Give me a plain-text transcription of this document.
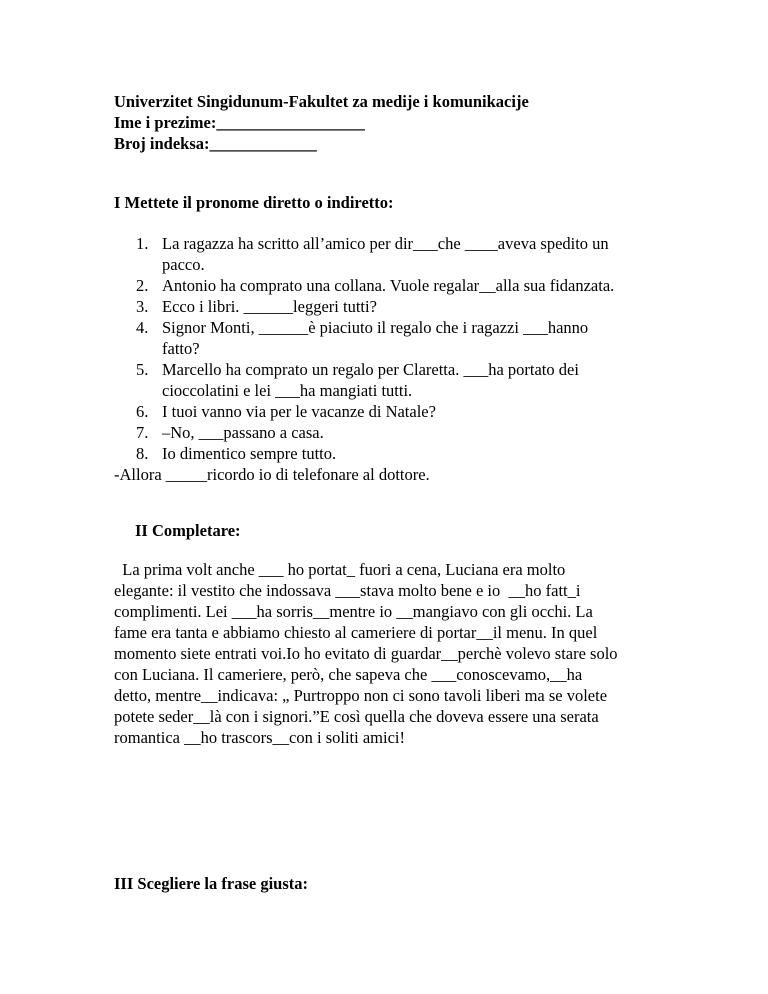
Univerzitet Singidunum-Fakultet za medije i komunikacije
Ime i prezime:__________________
Broj indeksa:_____________
I Mettete il pronome diretto o indiretto:
1. La ragazza ha scritto all’amico per dir___che ____aveva spedito un
pacco.
2. Antonio ha comprato una collana. Vuole regalar__alla sua fidanzata.
3. Ecco i libri. ______leggeri tutti?
4. Signor Monti, ______è piaciuto il regalo che i ragazzi ___hanno
fatto?
5. Marcello ha comprato un regalo per Claretta. ___ha portato dei
cioccolatini e lei ___ha mangiati tutti.
6. I tuoi vanno via per le vacanze di Natale?
7. –No, ___passano a casa.
8. Io dimentico sempre tutto.
-Allora _____ricordo io di telefonare al dottore.
II Completare:
La prima volt anche ___ ho portat_ fuori a cena, Luciana era molto
elegante: il vestito che indossava ___stava molto bene e io  __ho fatt_i
complimenti. Lei ___ha sorris__mentre io __mangiavo con gli occhi. La
fame era tanta e abbiamo chiesto al cameriere di portar__il menu. In quel
momento siete entrati voi.Io ho evitato di guardar__perchè volevo stare solo
con Luciana. Il cameriere, però, che sapeva che ___conoscevamo,__ha
detto, mentre__indicava: „ Purtroppo non ci sono tavoli liberi ma se volete
potete seder__là con i signori.”E così quella che doveva essere una serata
romantica __ho trascors__con i soliti amici!
III Scegliere la frase giusta:
